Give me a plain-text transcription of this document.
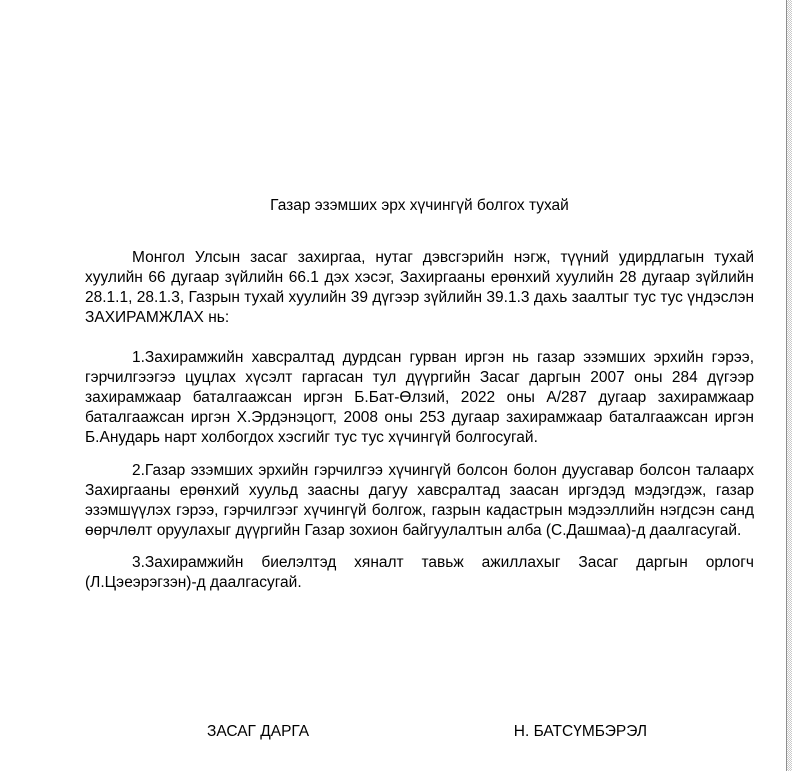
Газар эзэмших эрх хүчингүй болгох тухай

Монгол Улсын засаг захиргаа, нутаг дэвсгэрийн нэгж, түүний удирдлагын тухай хуулийн 66 дугаар зүйлийн 66.1 дэх хэсэг, Захиргааны ерөнхий хуулийн 28 дугаар зүйлийн 28.1.1, 28.1.3, Газрын тухай хуулийн 39 дүгээр зүйлийн 39.1.3 дахь заалтыг тус тус үндэслэн ЗАХИРАМЖЛАХ нь:

1.Захирамжийн хавсралтад дурдсан гурван иргэн нь газар эзэмших эрхийн гэрээ, гэрчилгээгээ цуцлах хүсэлт гаргасан тул дүүргийн Засаг даргын 2007 оны 284 дүгээр захирамжаар баталгаажсан иргэн Б.Бат-Өлзий, 2022 оны А/287 дугаар захирамжаар баталгаажсан иргэн Х.Эрдэнэцогт, 2008 оны 253 дугаар захирамжаар баталгаажсан иргэн Б.Анударь нарт холбогдох хэсгийг тус тус хүчингүй болгосугай.

2.Газар эзэмших эрхийн гэрчилгээ хүчингүй болсон болон дуусгавар болсон талаарх Захиргааны ерөнхий хуульд заасны дагуу хавсралтад заасан иргэдэд мэдэгдэж, газар эзэмшүүлэх гэрээ, гэрчилгээг хүчингүй болгож, газрын кадастрын мэдээллийн нэгдсэн санд өөрчлөлт оруулахыг дүүргийн Газар зохион байгуулалтын алба (С.Дашмаа)-д даалгасугай.

3.Захирамжийн биелэлтэд хяналт тавьж ажиллахыг Засаг даргын орлогч (Л.Цэеэрэгзэн)-д даалгасугай.

ЗАСАГ ДАРГА	Н. БАТСҮМБЭРЭЛ
